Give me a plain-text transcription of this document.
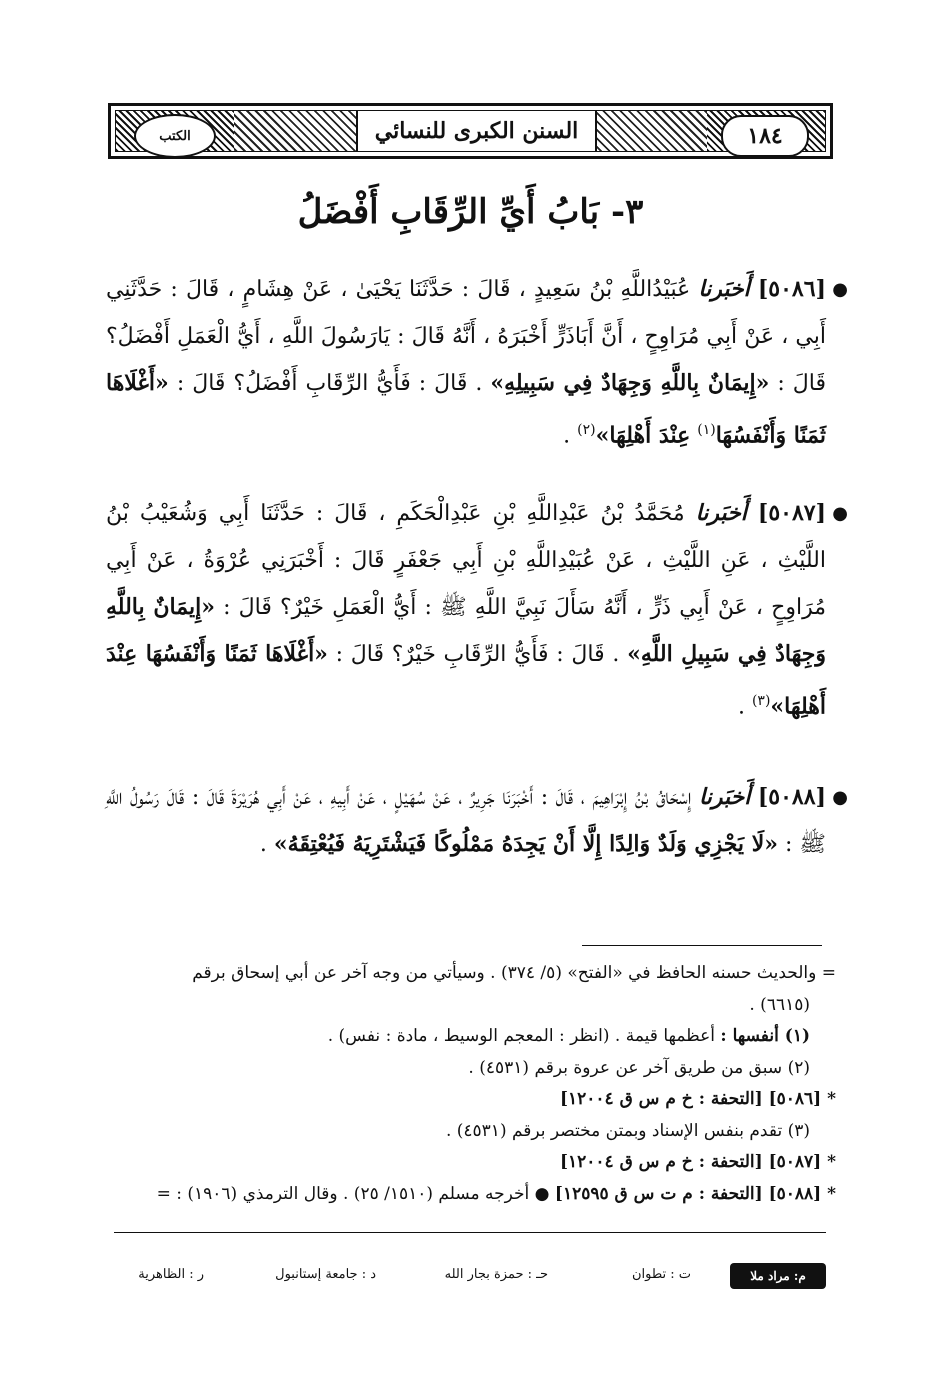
الكتب	السنن الكبرى للنسائي	١٨٤
٣- بَابُ أَيِّ الرِّقَابِ أَفْضَلُ
●
[٥٠٨٦] أَخبَرنا عُبَيْدُاللَّهِ بْنُ سَعِيدٍ ، قَالَ : حَدَّثَنَا يَحْيَىٰ ، عَنْ هِشَامٍ ، قَالَ : حَدَّثَنِي أَبِي ، عَنْ أَبِي مُرَاوِحٍ ، أَنَّ أَبَاذَرٍّ أَخْبَرَهُ ، أَنَّهُ قَالَ : يَارَسُولَ اللَّهِ ، أَيُّ الْعَمَلِ أَفْضَلُ؟ قَالَ : «إِيمَانٌ بِاللَّهِ وَجِهَادٌ فِي سَبِيلِهِ» . قَالَ : فَأَيُّ الرِّقَابِ أَفْضَلُ؟ قَالَ : «أَغْلَاهَا ثَمَنًا وَأَنْفَسُهَا$^{(١)}$ عِنْدَ أَهْلِهَا»$^{(٢)}$ .
●
[٥٠٨٧] أَخبَرنا مُحَمَّدُ بْنُ عَبْدِاللَّهِ بْنِ عَبْدِالْحَكَمِ ، قَالَ : حَدَّثَنَا أَبِي وَشُعَيْبُ بْنُ اللَّيْثِ ، عَنِ اللَّيْثِ ، عَنْ عُبَيْدِاللَّهِ بْنِ أَبِي جَعْفَرٍ قَالَ : أَخْبَرَنِي عُرْوَةُ ، عَنْ أَبِي مُرَاوِحٍ ، عَنْ أَبِي ذَرٍّ ، أَنَّهُ سَأَلَ نَبِيَّ اللَّهِ ﷺ : أَيُّ الْعَمَلِ خَيْرٌ؟ قَالَ : «إِيمَانٌ بِاللَّهِ وَجِهَادٌ فِي سَبِيلِ اللَّهِ» . قَالَ : فَأَيُّ الرِّقَابِ خَيْرٌ؟ قَالَ : «أَغْلَاهَا ثَمَنًا وَأَنْفَسُهَا عِنْدَ أَهْلِهَا»$^{(٣)}$ .
●
[٥٠٨٨] أَخبَرنا إِسْحَاقُ بْنُ إِبْرَاهِيمَ ، قَالَ : أَخْبَرَنَا جَرِيرٌ ، عَنْ سُهَيْلٍ ، عَنْ أَبِيهِ ، عَنْ أَبِي هُرَيْرَةَ قَالَ : قَالَ رَسُولُ اللَّهِ ﷺ : «لَا يَجْزِي وَلَدٌ وَالِدًا إِلَّا أَنْ يَجِدَهُ مَمْلُوكًا فَيَشْتَرِيَهُ فَيُعْتِقَهُ» .
= والحديث حسنه الحافظ في «الفتح» (٥/ ٣٧٤) . وسيأتي من وجه آخر عن أبي إسحاق برقم
(٦٦١٥) .
(١) أنفسها : أعظمها قيمة . (انظر : المعجم الوسيط ، مادة : نفس) .
(٢) سبق من طريق آخر عن عروة برقم (٤٥٣١) .
* [٥٠٨٦] [التحفة : خ م س ق ١٢٠٠٤]
(٣) تقدم بنفس الإسناد وبمتن مختصر برقم (٤٥٣١) .
* [٥٠٨٧] [التحفة : خ م س ق ١٢٠٠٤]
* [٥٠٨٨] [التحفة : م ت س ق ١٢٥٩٥] ● أخرجه مسلم (١٥١٠/ ٢٥) . وقال الترمذي (١٩٠٦) : =
م: مراد ملا
ت : تطوان
حـ : حمزة بجار الله
د : جامعة إستانبول
ر : الظاهرية
